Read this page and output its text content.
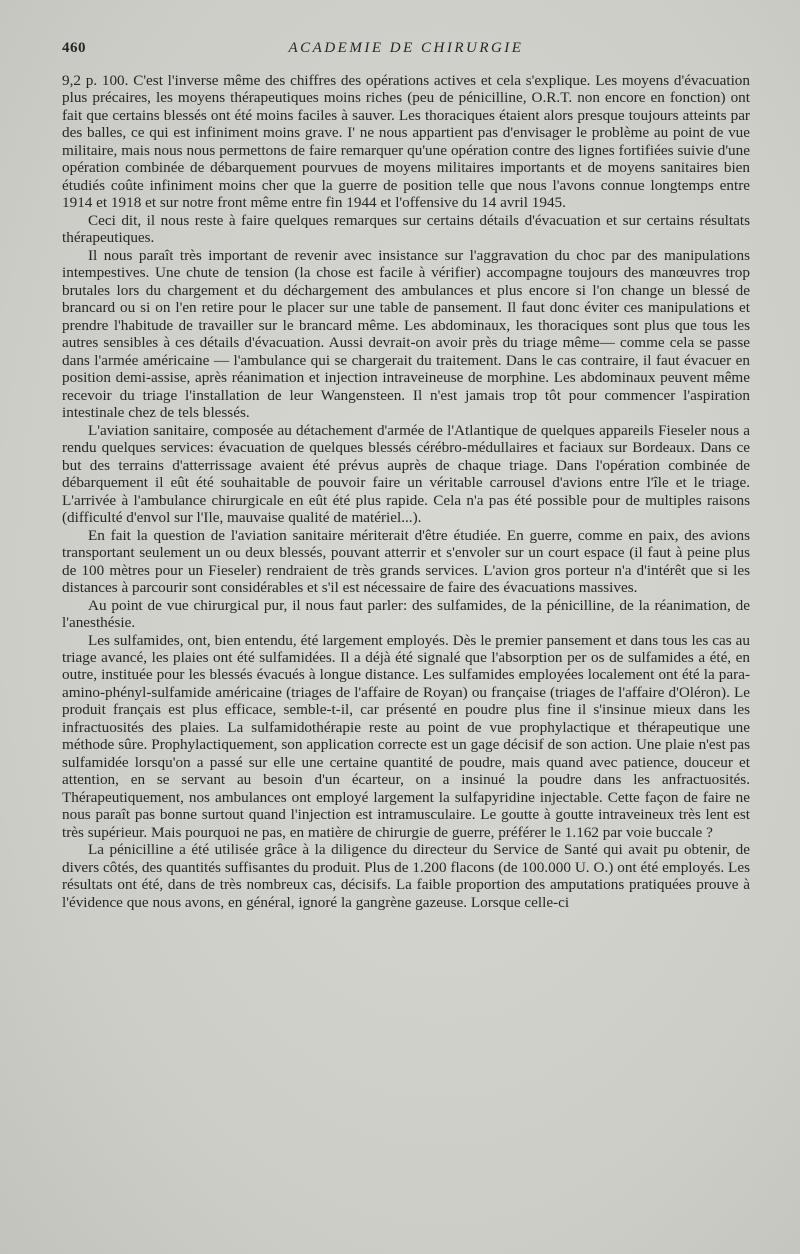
460	ACADEMIE DE CHIRURGIE

9,2 p. 100. C'est l'inverse même des chiffres des opérations actives et cela s'explique. Les moyens d'évacuation plus précaires, les moyens thérapeutiques moins riches (peu de pénicilline, O.R.T. non encore en fonction) ont fait que certains blessés ont été moins faciles à sauver. Les thoraciques étaient alors presque toujours atteints par des balles, ce qui est infiniment moins grave. I' ne nous appartient pas d'envisager le problème au point de vue militaire, mais nous nous permettons de faire remarquer qu'une opération contre des lignes fortifiées suivie d'une opération combinée de débarquement pourvues de moyens militaires importants et de moyens sanitaires bien étudiés coûte infiniment moins cher que la guerre de position telle que nous l'avons connue longtemps entre 1914 et 1918 et sur notre front même entre fin 1944 et l'offensive du 14 avril 1945.

Ceci dit, il nous reste à faire quelques remarques sur certains détails d'évacuation et sur certains résultats thérapeutiques.

Il nous paraît très important de revenir avec insistance sur l'aggravation du choc par des manipulations intempestives. Une chute de tension (la chose est facile à vérifier) accompagne toujours des manœuvres trop brutales lors du chargement et du déchargement des ambulances et plus encore si l'on change un blessé de brancard ou si on l'en retire pour le placer sur une table de pansement. Il faut donc éviter ces manipulations et prendre l'habitude de travailler sur le brancard même. Les abdominaux, les thoraciques sont plus que tous les autres sensibles à ces détails d'évacuation. Aussi devrait-on avoir près du triage même— comme cela se passe dans l'armée américaine — l'ambulance qui se chargerait du traitement. Dans le cas contraire, il faut évacuer en position demi-assise, après réanimation et injection intraveineuse de morphine. Les abdominaux peuvent même recevoir du triage l'installation de leur Wangensteen. Il n'est jamais trop tôt pour commencer l'aspiration intestinale chez de tels blessés.

L'aviation sanitaire, composée au détachement d'armée de l'Atlantique de quelques appareils Fieseler nous a rendu quelques services: évacuation de quelques blessés cérébro-médullaires et faciaux sur Bordeaux. Dans ce but des terrains d'atterrissage avaient été prévus auprès de chaque triage. Dans l'opération combinée de débarquement il eût été souhaitable de pouvoir faire un véritable carrousel d'avions entre l'île et le triage. L'arrivée à l'ambulance chirurgicale en eût été plus rapide. Cela n'a pas été possible pour de multiples raisons (difficulté d'envol sur l'Ile, mauvaise qualité de matériel...).

En fait la question de l'aviation sanitaire mériterait d'être étudiée. En guerre, comme en paix, des avions transportant seulement un ou deux blessés, pouvant atterrir et s'envoler sur un court espace (il faut à peine plus de 100 mètres pour un Fieseler) rendraient de très grands services. L'avion gros porteur n'a d'intérêt que si les distances à parcourir sont considérables et s'il est nécessaire de faire des évacuations massives.

Au point de vue chirurgical pur, il nous faut parler: des sulfamides, de la pénicilline, de la réanimation, de l'anesthésie.

Les sulfamides, ont, bien entendu, été largement employés. Dès le premier pansement et dans tous les cas au triage avancé, les plaies ont été sulfamidées. Il a déjà été signalé que l'absorption per os de sulfamides a été, en outre, instituée pour les blessés évacués à longue distance. Les sulfamides employées localement ont été la para-amino-phényl-sulfamide américaine (triages de l'affaire de Royan) ou française (triages de l'affaire d'Oléron). Le produit français est plus efficace, semble-t-il, car présenté en poudre plus fine il s'insinue mieux dans les infractuosités des plaies. La sulfamidothérapie reste au point de vue prophylactique et thérapeutique une méthode sûre. Prophylactiquement, son application correcte est un gage décisif de son action. Une plaie n'est pas sulfamidée lorsqu'on a passé sur elle une certaine quantité de poudre, mais quand avec patience, douceur et attention, en se servant au besoin d'un écarteur, on a insinué la poudre dans les anfractuosités. Thérapeutiquement, nos ambulances ont employé largement la sulfapyridine injectable. Cette façon de faire ne nous paraît pas bonne surtout quand l'injection est intramusculaire. Le goutte à goutte intraveineux très lent est très supérieur. Mais pourquoi ne pas, en matière de chirurgie de guerre, préférer le 1.162 par voie buccale ?

La pénicilline a été utilisée grâce à la diligence du directeur du Service de Santé qui avait pu obtenir, de divers côtés, des quantités suffisantes du produit. Plus de 1.200 flacons (de 100.000 U. O.) ont été employés. Les résultats ont été, dans de très nombreux cas, décisifs. La faible proportion des amputations pratiquées prouve à l'évidence que nous avons, en général, ignoré la gangrène gazeuse. Lorsque celle-ci
